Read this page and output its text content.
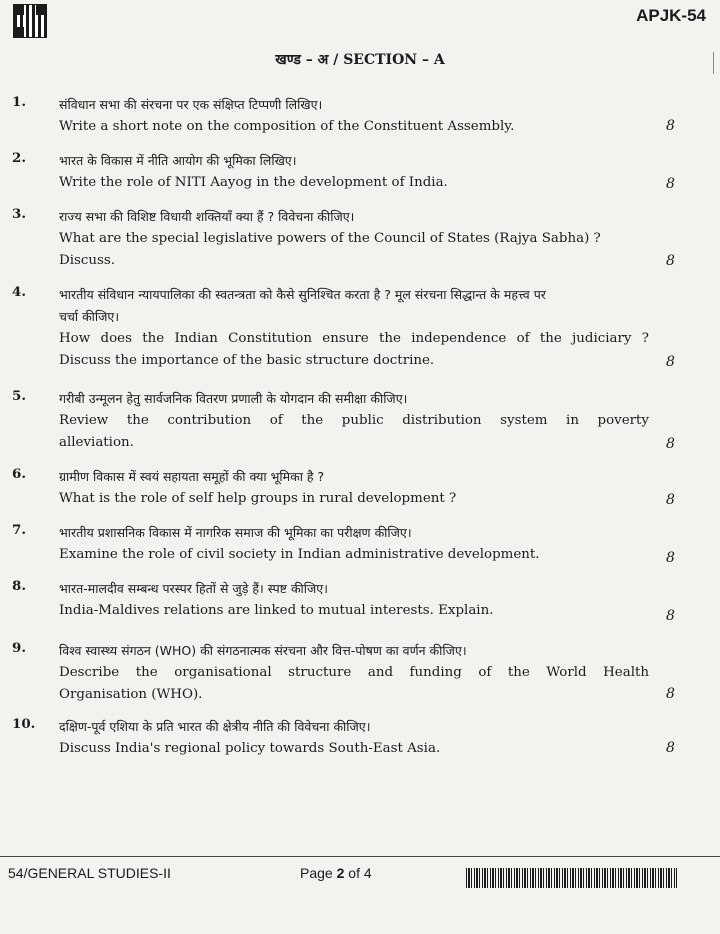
APJK-54
खण्ड – अ / SECTION – A
1.	संविधान सभा की संरचना पर एक संक्षिप्त टिप्पणी लिखिए।

Write a short note on the composition of the Constituent Assembly.	8
2.	भारत के विकास में नीति आयोग की भूमिका लिखिए।

Write the role of NITI Aayog in the development of India.	8
3.	राज्य सभा की विशिष्ट विधायी शक्तियाँ क्या हैं ? विवेचना कीजिए।

What are the special legislative powers of the Council of States (Rajya Sabha) ?

Discuss.	8
4.	भारतीय संविधान न्यायपालिका की स्वतन्त्रता को कैसे सुनिश्चित करता है ? मूल संरचना सिद्धान्त के महत्त्व पर

चर्चा कीजिए।

How does the Indian Constitution ensure the independence of the judiciary ?

Discuss the importance of the basic structure doctrine.	8
5.	गरीबी उन्मूलन हेतु सार्वजनिक वितरण प्रणाली के योगदान की समीक्षा कीजिए।

Review the contribution of the public distribution system in poverty

alleviation.	8
6.	ग्रामीण विकास में स्वयं सहायता समूहों की क्या भूमिका है ?

What is the role of self help groups in rural development ?	8
7.	भारतीय प्रशासनिक विकास में नागरिक समाज की भूमिका का परीक्षण कीजिए।

Examine the role of civil society in Indian administrative development.	8
8.	भारत-मालदीव सम्बन्ध परस्पर हितों से जुड़े हैं। स्पष्ट कीजिए।

India-Maldives relations are linked to mutual interests. Explain.	8
9.	विश्व स्वास्थ्य संगठन (WHO) की संगठनात्मक संरचना और वित्त-पोषण का वर्णन कीजिए।

Describe the organisational structure and funding of the World Health

Organisation (WHO).	8
10. दक्षिण-पूर्व एशिया के प्रति भारत की क्षेत्रीय नीति की विवेचना कीजिए।

Discuss India's regional policy towards South-East Asia.	8
54/GENERAL STUDIES-II	Page 2 of 4
